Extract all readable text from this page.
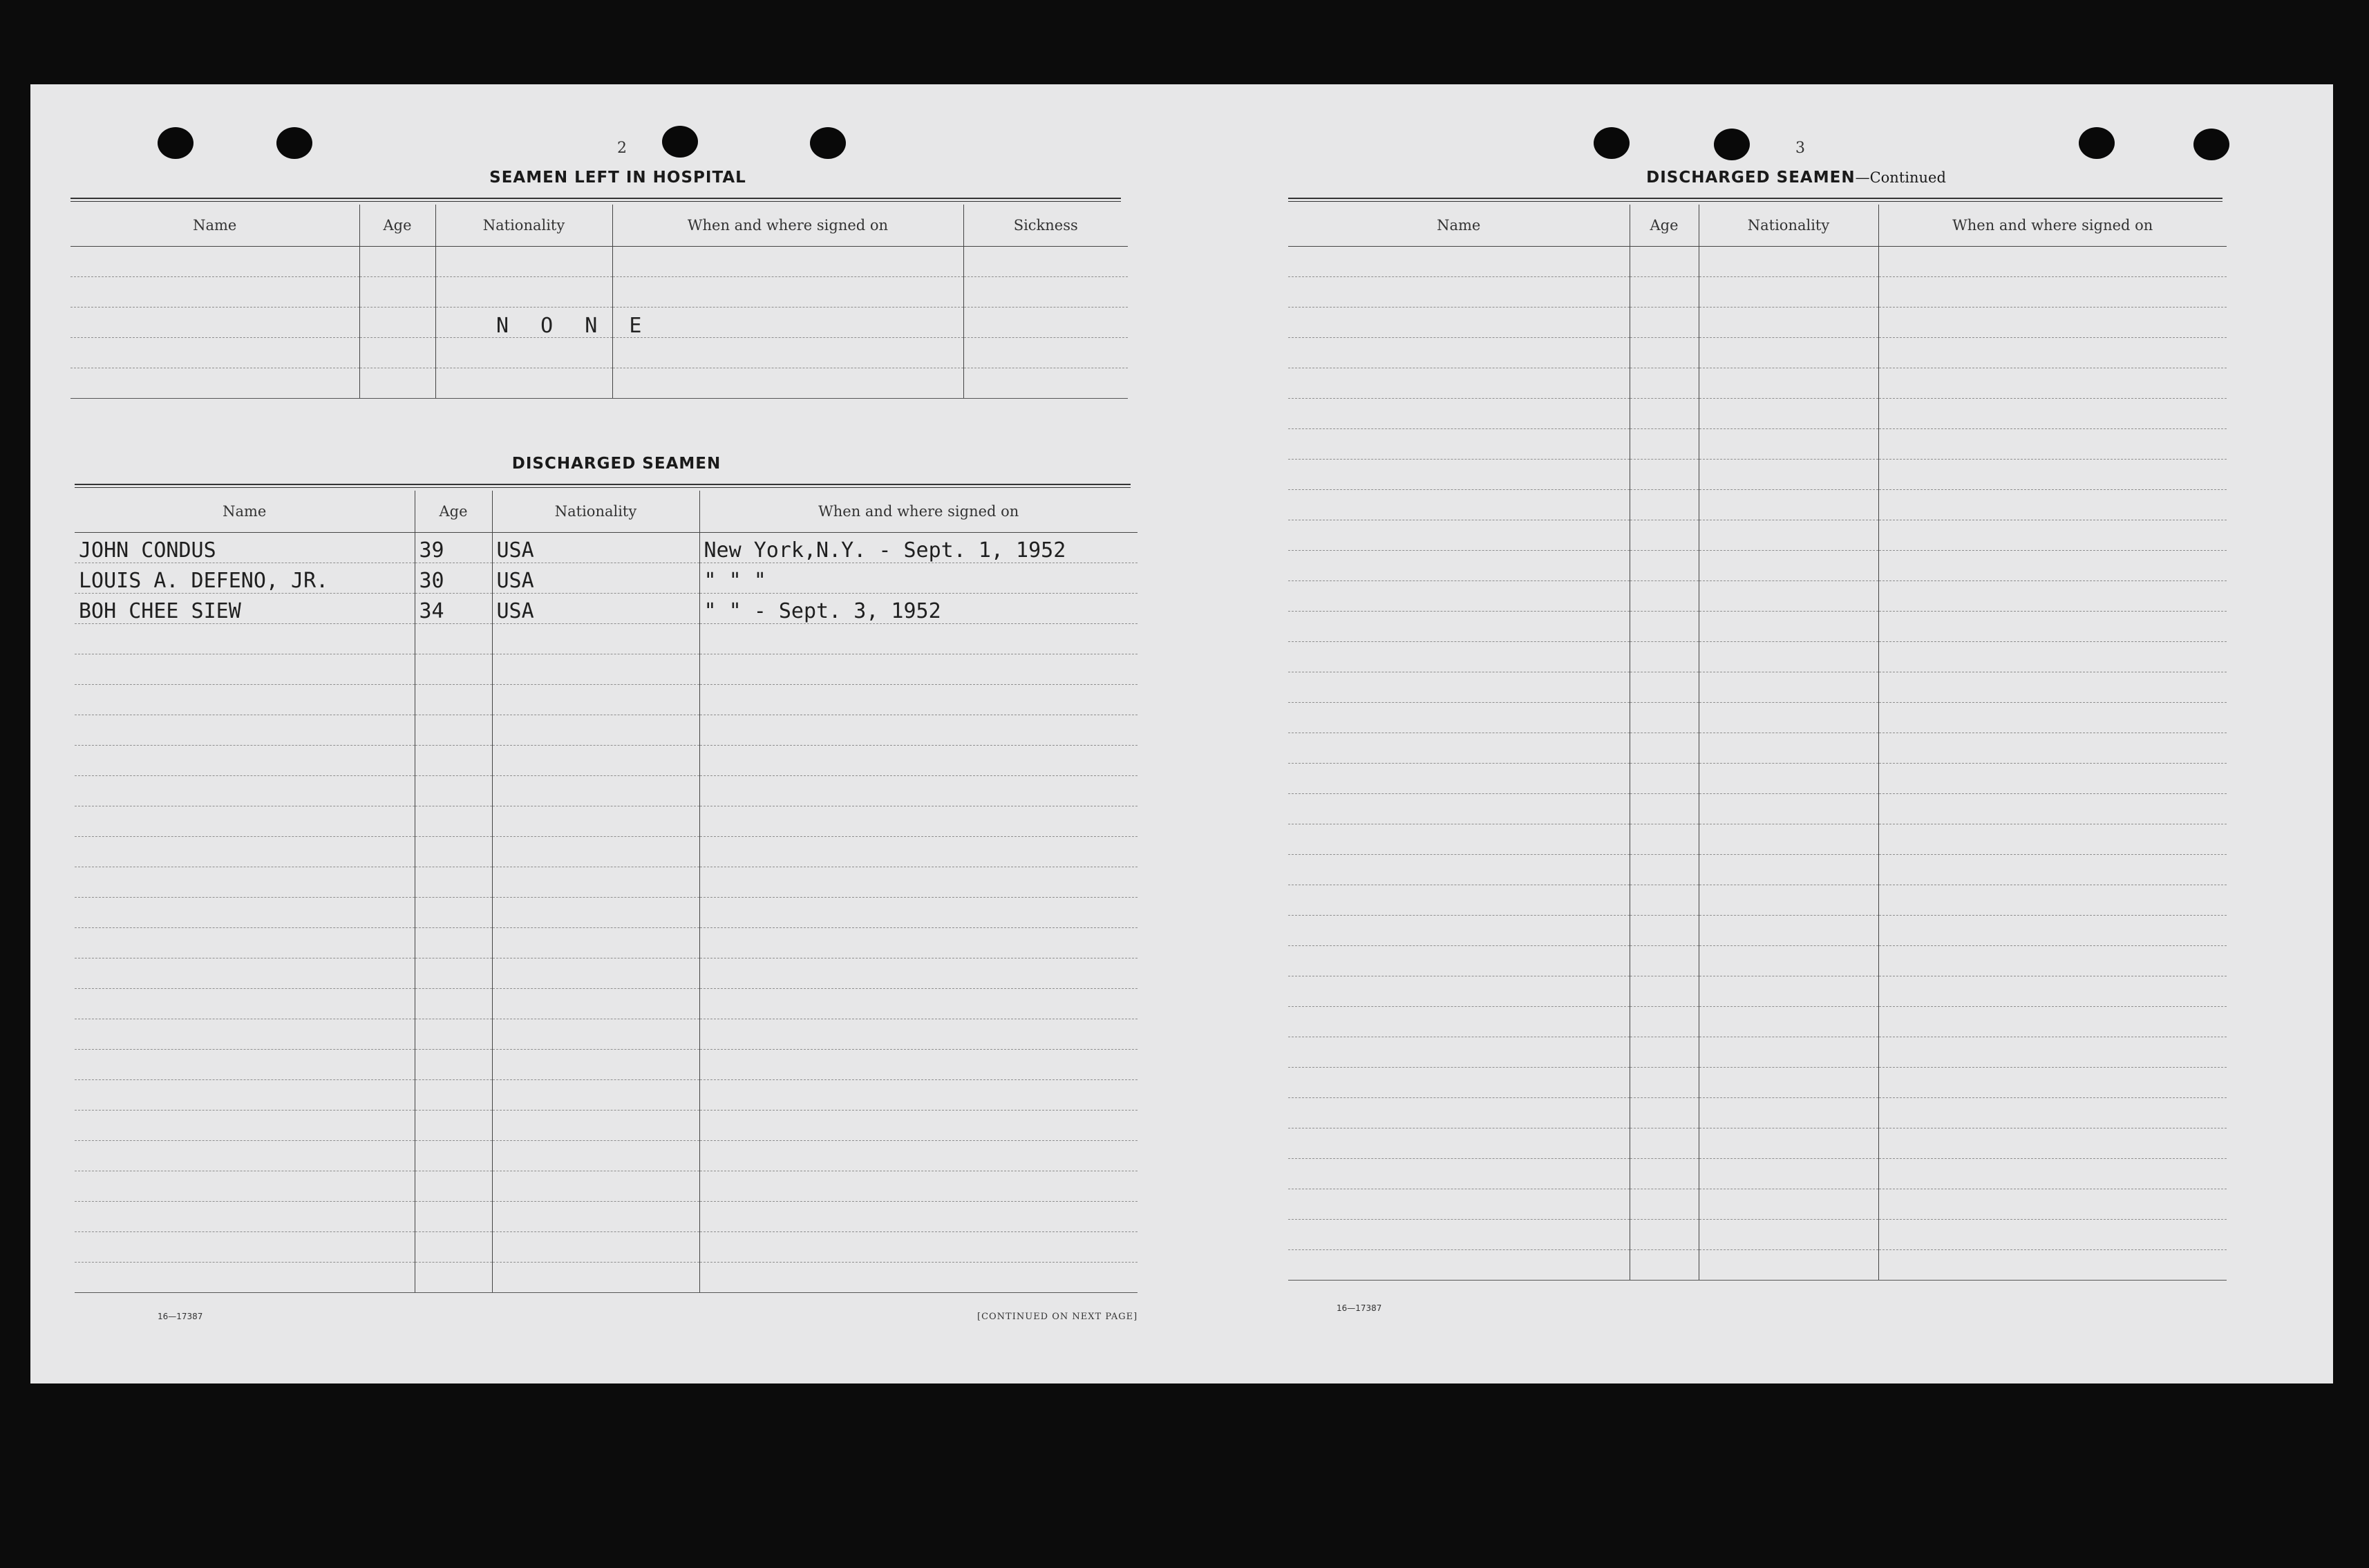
2
SEAMEN LEFT IN HOSPITAL
Name	Age	Nationality	When and where signed on	Sickness

N O N E
DISCHARGED SEAMEN
Name	Age	Nationality	When and where signed on
JOHN CONDUS	39	USA	New York,N.Y. - Sept. 1, 1952
LOUIS A. DEFENO, JR.	30	USA	" " "
BOH CHEE SIEW	34	USA	" " - Sept. 3, 1952

16—17387	[CONTINUED ON NEXT PAGE]
3
DISCHARGED SEAMEN—Continued
Name	Age	Nationality	When and where signed on

16—17387
